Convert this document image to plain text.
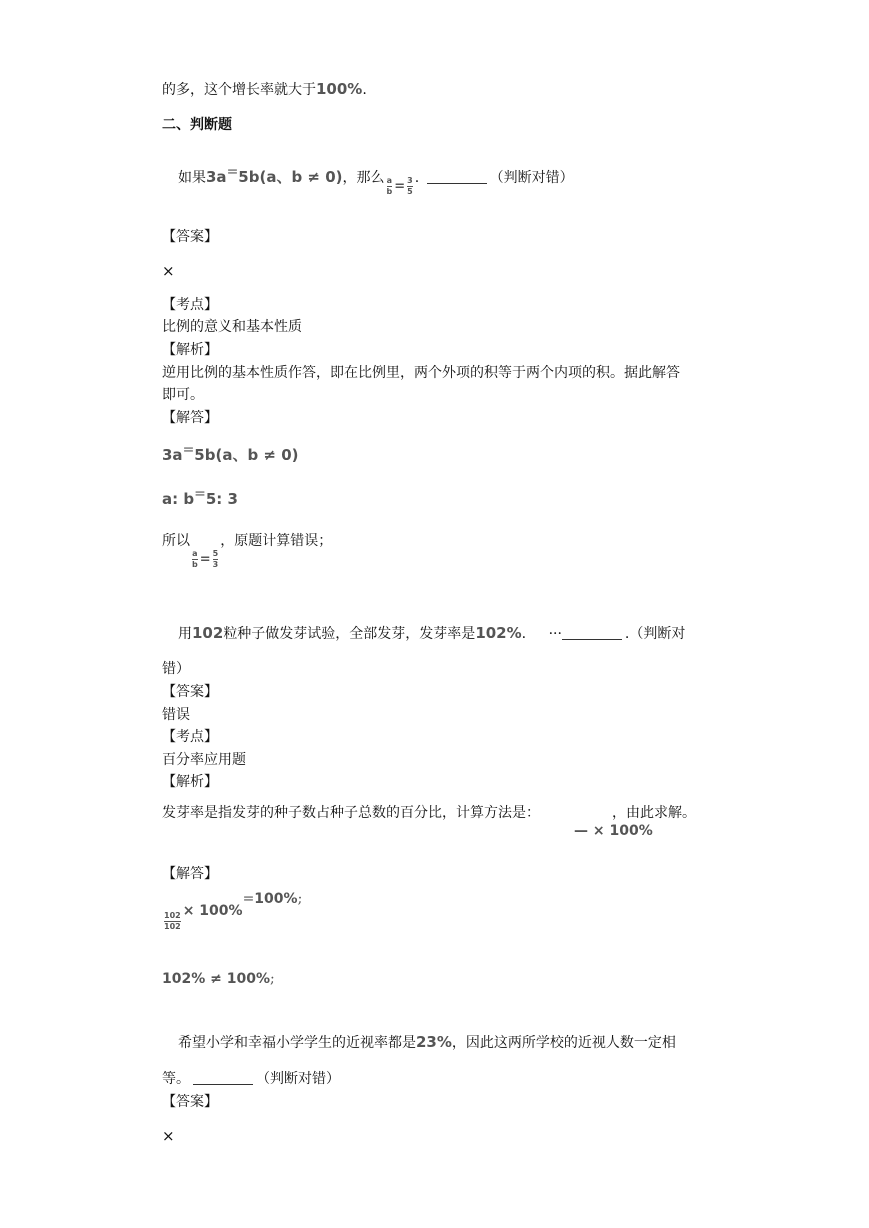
的多，这个增长率就大于100%.
二、判断题
如果3a=5b(a、b ≠ 0)，那么 $\frac{a}{b} = \frac{3}{5}$ .	（判断对错）
【答案】
×
【考点】
比例的意义和基本性质
【解析】
逆用比例的基本性质作答，即在比例里，两个外项的积等于两个内项的积。据此解答
即可。
【解答】
3a=5b(a、b ≠ 0)
a: b=5: 3
所以
$\frac{a}{b} = \frac{5}{3}$
，原题计算错误；
用102粒种子做发芽试验，全部发芽，发芽率是102%. ···	.（判断对
错）
【答案】
错误
【考点】
百分率应用题
【解析】
发芽率是指发芽的种子数占种子总数的百分比，计算方法是：	，由此求解。
— × 100%
【解答】
$\frac{102}{102} \times 100\%=100\%$;
102% ≠ 100%;
希望小学和幸福小学学生的近视率都是23%，因此这两所学校的近视人数一定相
等。	（判断对错）
【答案】
×
